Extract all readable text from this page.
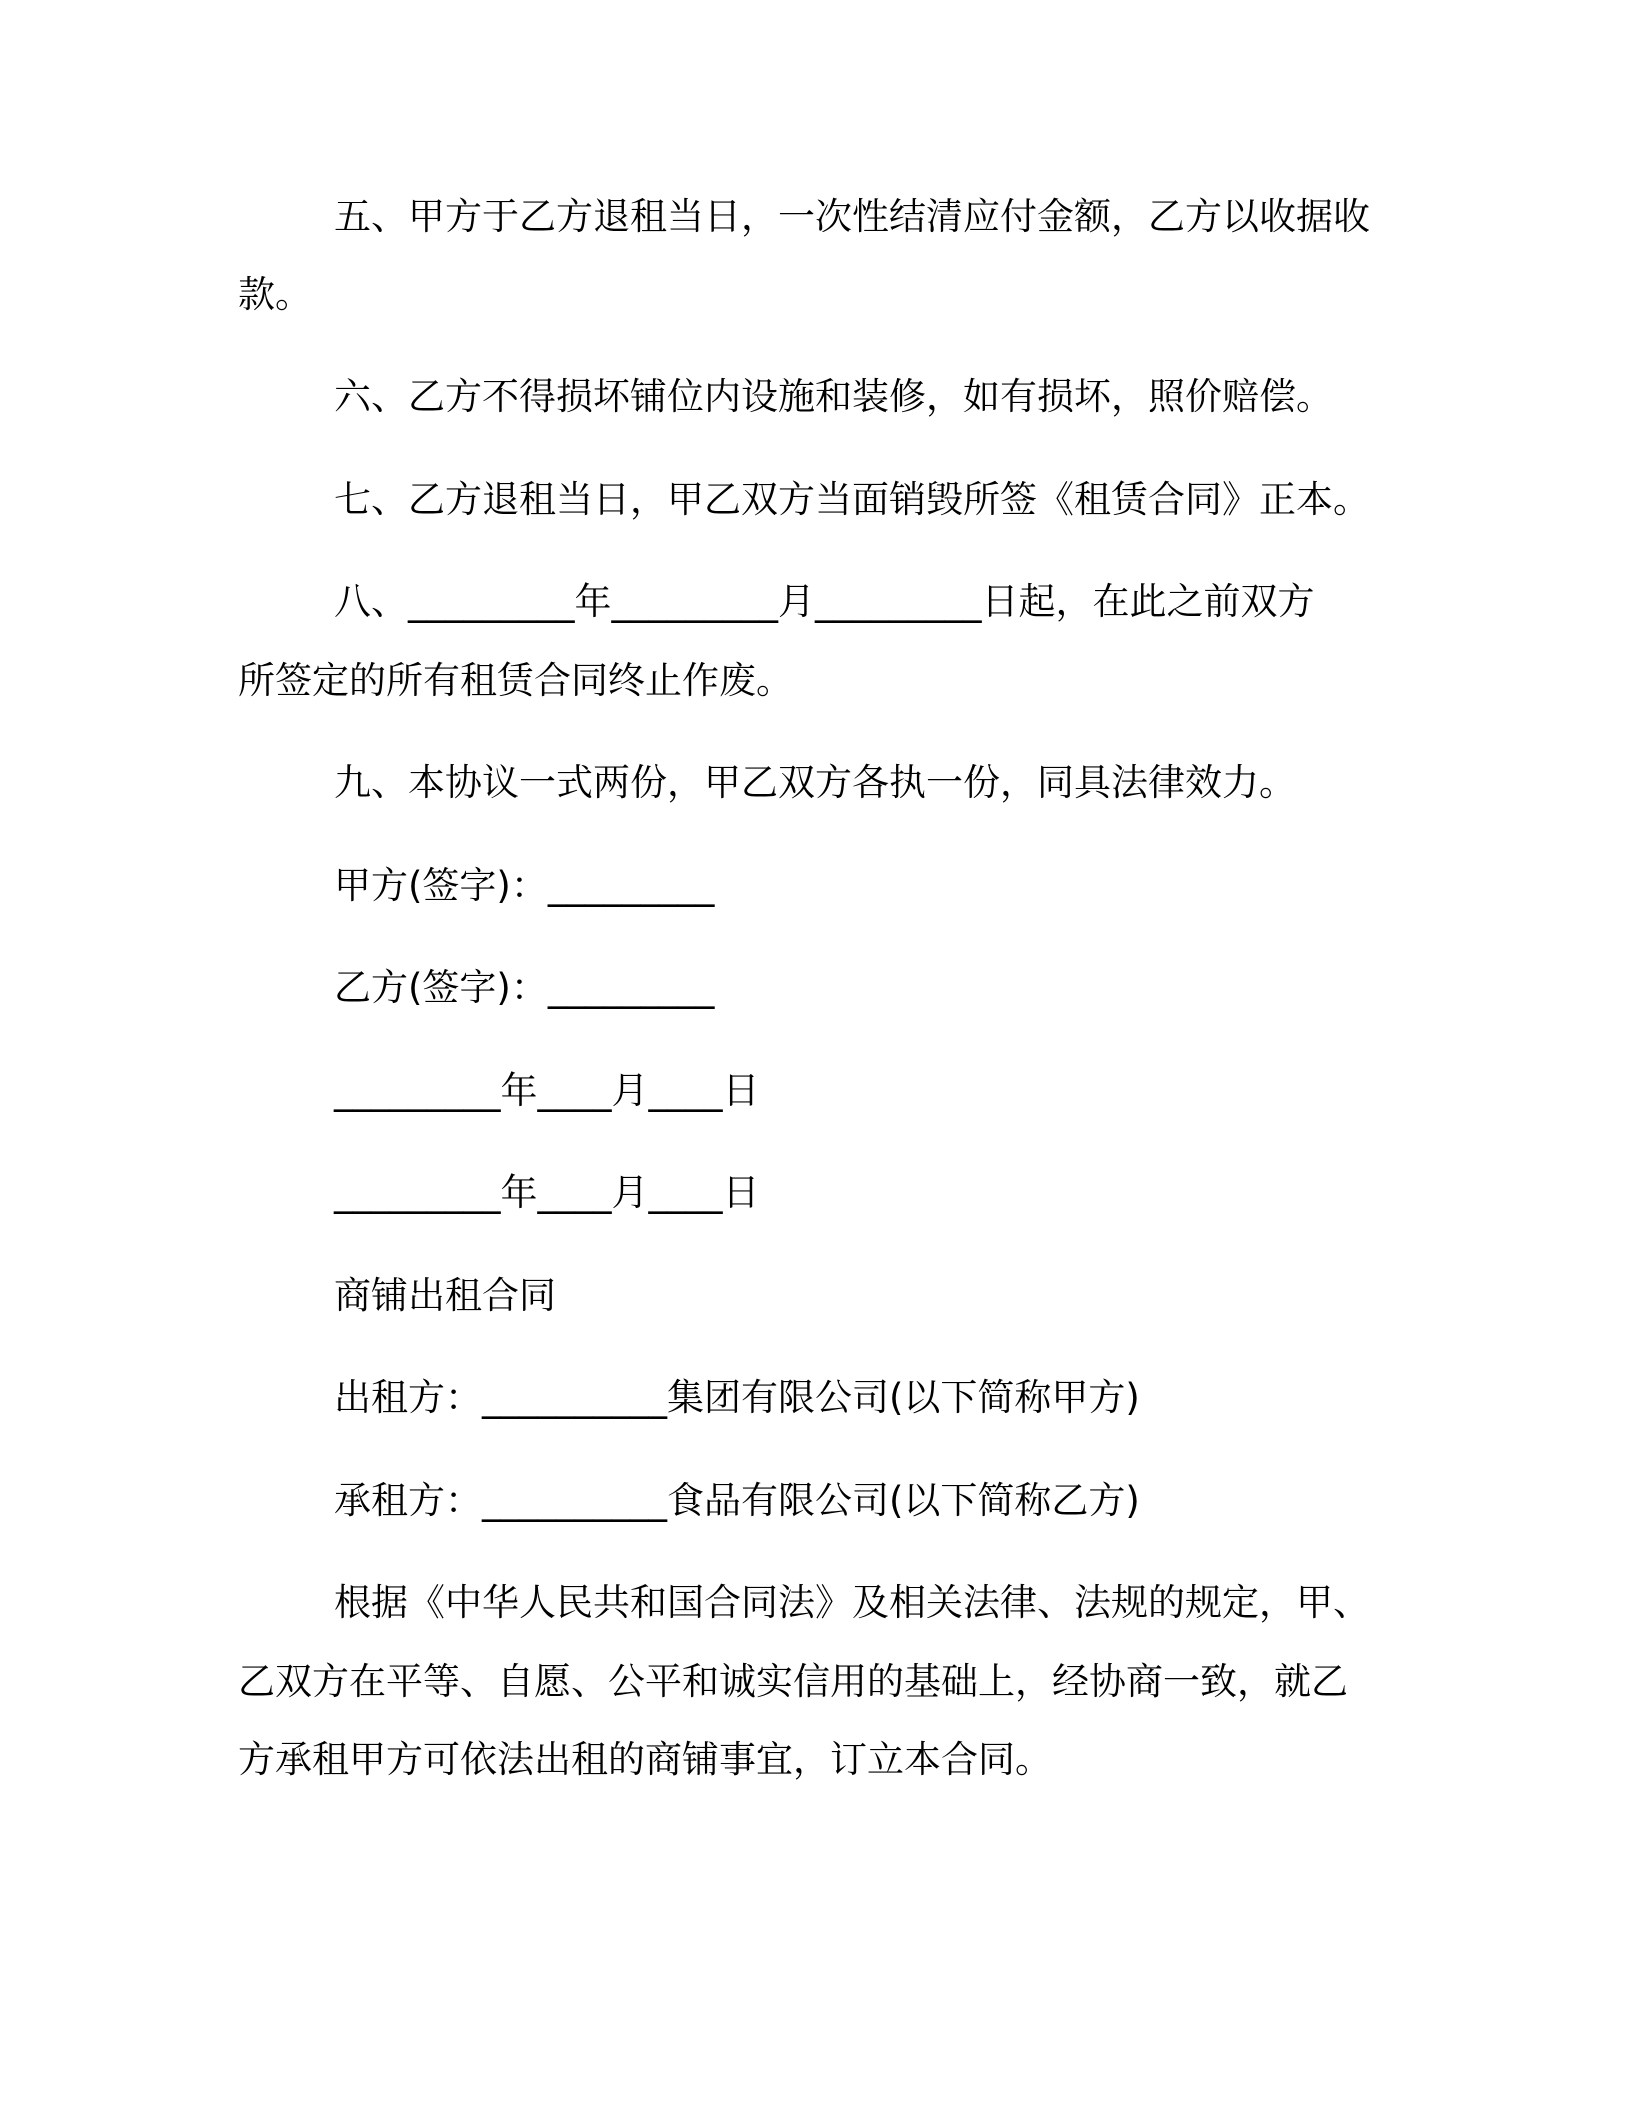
五、甲方于乙方退租当日，一次性结清应付金额，乙方以收据收
款。
六、乙方不得损坏铺位内设施和装修，如有损坏，照价赔偿。
七、乙方退租当日，甲乙双方当面销毁所签《租赁合同》正本。
八、_________年_________月_________日起，在此之前双方
所签定的所有租赁合同终止作废。
九、本协议一式两份，甲乙双方各执一份，同具法律效力。
甲方(签字)：_________
乙方(签字)：_________
_________年____月____日
_________年____月____日
商铺出租合同
出租方：__________集团有限公司(以下简称甲方)
承租方：__________食品有限公司(以下简称乙方)
根据《中华人民共和国合同法》及相关法律、法规的规定，甲、
乙双方在平等、自愿、公平和诚实信用的基础上，经协商一致，就乙
方承租甲方可依法出租的商铺事宜，订立本合同。
